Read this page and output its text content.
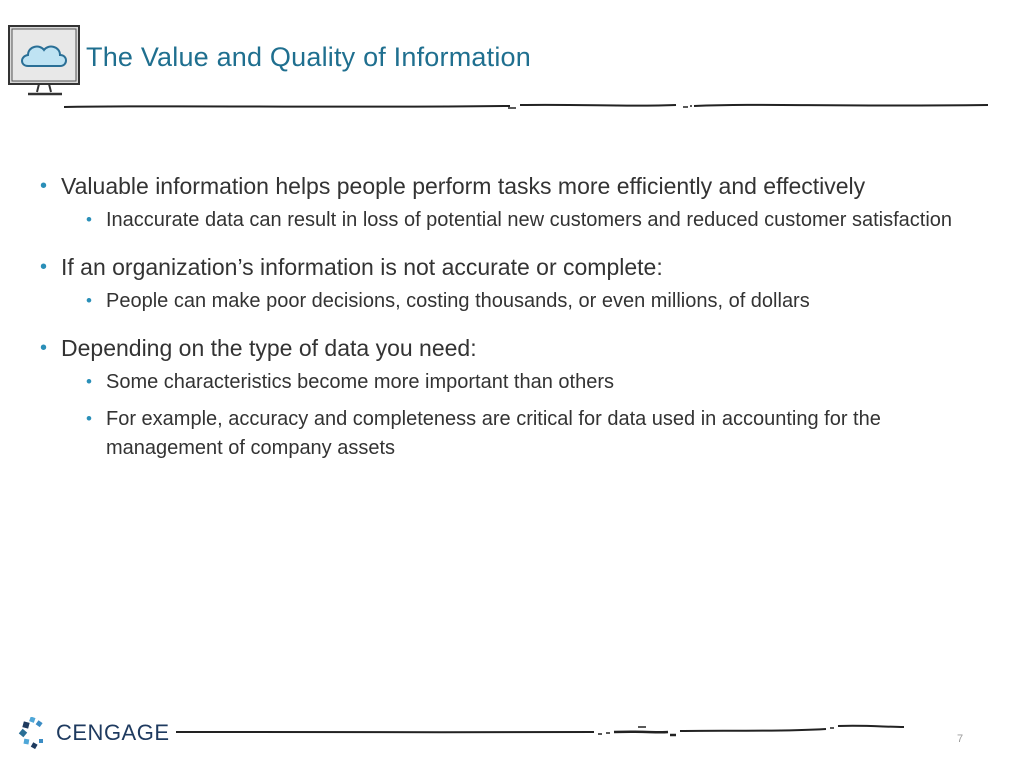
The Value and Quality of Information
• Valuable information helps people perform tasks more efficiently and effectively
• Inaccurate data can result in loss of potential new customers and reduced customer satisfaction
• If an organization’s information is not accurate or complete:
• People can make poor decisions, costing thousands, or even millions, of dollars
• Depending on the type of data you need:
• Some characteristics become more important than others
• For example, accuracy and completeness are critical for data used in accounting for the management of company assets
CENGAGE	7
